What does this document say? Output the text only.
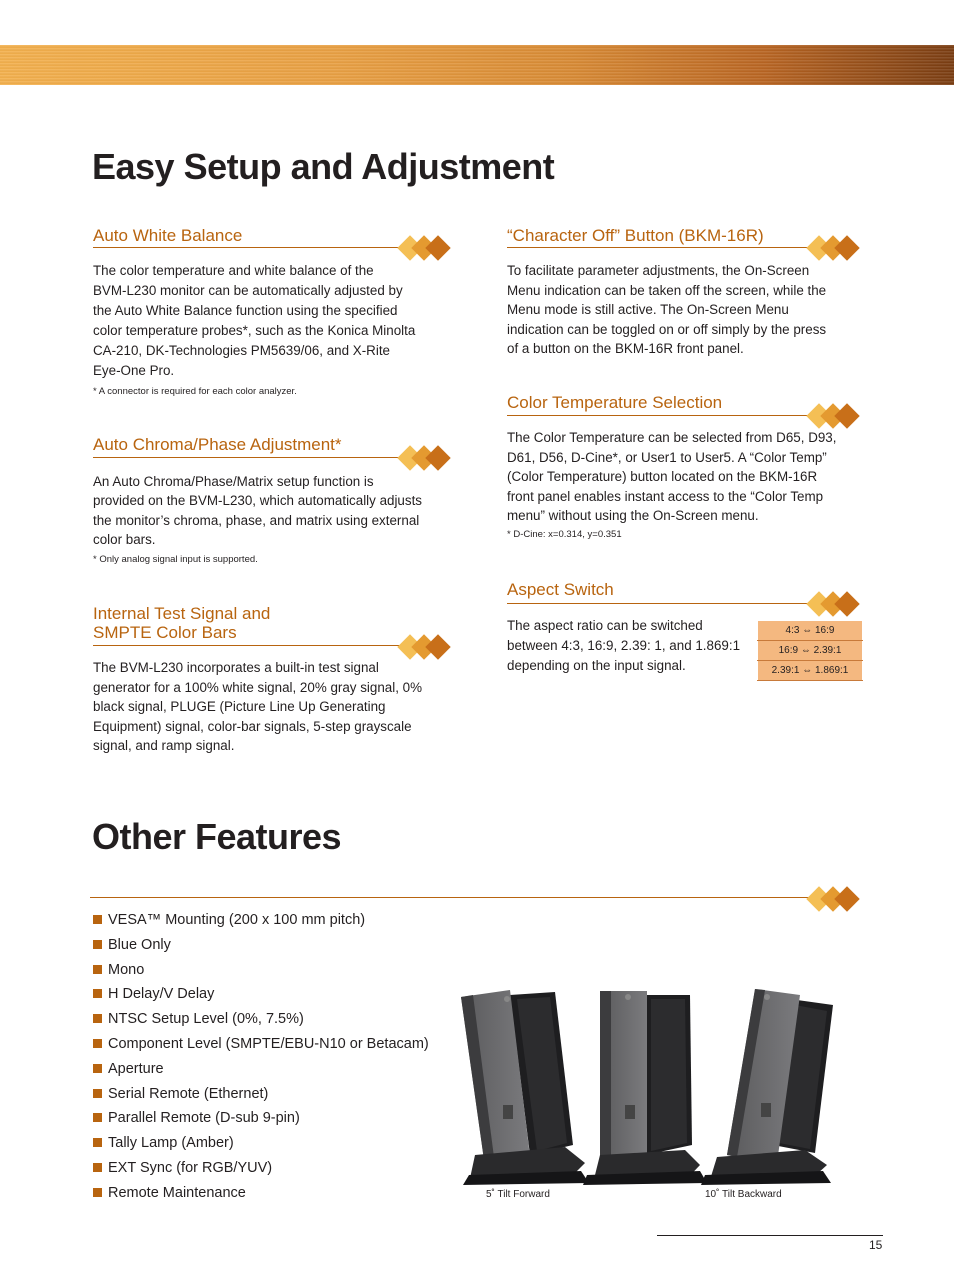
Easy Setup and Adjustment
Auto White Balance
The color temperature and white balance of the
BVM-L230 monitor can be automatically adjusted by
the Auto White Balance function using the specified
color temperature probes*, such as the Konica Minolta
CA-210, DK-Technologies PM5639/06, and X-Rite
Eye-One Pro.
* A connector is required for each color analyzer.
Auto Chroma/Phase Adjustment*
An Auto Chroma/Phase/Matrix setup function is
provided on the BVM-L230, which automatically adjusts
the monitor’s chroma, phase, and matrix using external
color bars.
* Only analog signal input is supported.
Internal Test Signal and
SMPTE Color Bars
The BVM-L230 incorporates a built-in test signal
generator for a 100% white signal, 20% gray signal, 0%
black signal, PLUGE (Picture Line Up Generating
Equipment) signal, color-bar signals, 5-step grayscale
signal, and ramp signal.
“Character Off” Button (BKM-16R)
To facilitate parameter adjustments, the On-Screen
Menu indication can be taken off the screen, while the
Menu mode is still active. The On-Screen Menu
indication can be toggled on or off simply by the press
of a button on the BKM-16R front panel.
Color Temperature Selection
The Color Temperature can be selected from D65, D93,
D61, D56, D-Cine*, or User1 to User5. A “Color Temp”
(Color Temperature) button located on the BKM-16R
front panel enables instant access to the “Color Temp
menu” without using the On-Screen menu.
* D-Cine: x=0.314, y=0.351
Aspect Switch
The aspect ratio can be switched
between 4:3, 16:9, 2.39: 1, and 1.869:1
depending on the input signal.
4:3 ⇔ 16:9
16:9 ⇔ 2.39:1
2.39:1 ⇔ 1.869:1
Other Features
VESA™ Mounting (200 x 100 mm pitch)
Blue Only
Mono
H Delay/V Delay
NTSC Setup Level (0%, 7.5%)
Component Level (SMPTE/EBU-N10 or Betacam)
Aperture
Serial Remote (Ethernet)
Parallel Remote (D-sub 9-pin)
Tally Lamp (Amber)
EXT Sync (for RGB/YUV)
Remote Maintenance	5˚ Tilt Forward	10˚ Tilt Backward
15
